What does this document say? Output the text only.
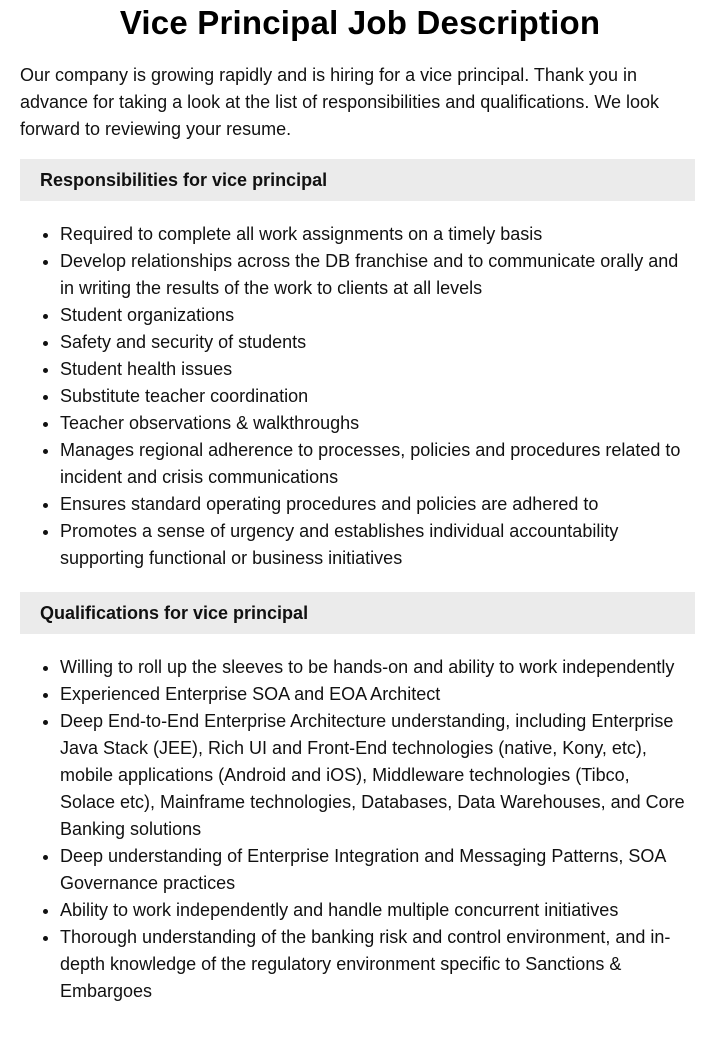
Vice Principal Job Description

Our company is growing rapidly and is hiring for a vice principal. Thank you in advance for taking a look at the list of responsibilities and qualifications. We look forward to reviewing your resume.

Responsibilities for vice principal
Required to complete all work assignments on a timely basis
Develop relationships across the DB franchise and to communicate orally and in writing the results of the work to clients at all levels
Student organizations
Safety and security of students
Student health issues
Substitute teacher coordination
Teacher observations & walkthroughs
Manages regional adherence to processes, policies and procedures related to incident and crisis communications
Ensures standard operating procedures and policies are adhered to
Promotes a sense of urgency and establishes individual accountability supporting functional or business initiatives
Qualifications for vice principal
Willing to roll up the sleeves to be hands-on and ability to work independently
Experienced Enterprise SOA and EOA Architect
Deep End-to-End Enterprise Architecture understanding, including Enterprise Java Stack (JEE), Rich UI and Front-End technologies (native, Kony, etc), mobile applications (Android and iOS), Middleware technologies (Tibco, Solace etc), Mainframe technologies, Databases, Data Warehouses, and Core Banking solutions
Deep understanding of Enterprise Integration and Messaging Patterns, SOA Governance practices
Ability to work independently and handle multiple concurrent initiatives
Thorough understanding of the banking risk and control environment, and in-depth knowledge of the regulatory environment specific to Sanctions & Embargoes
